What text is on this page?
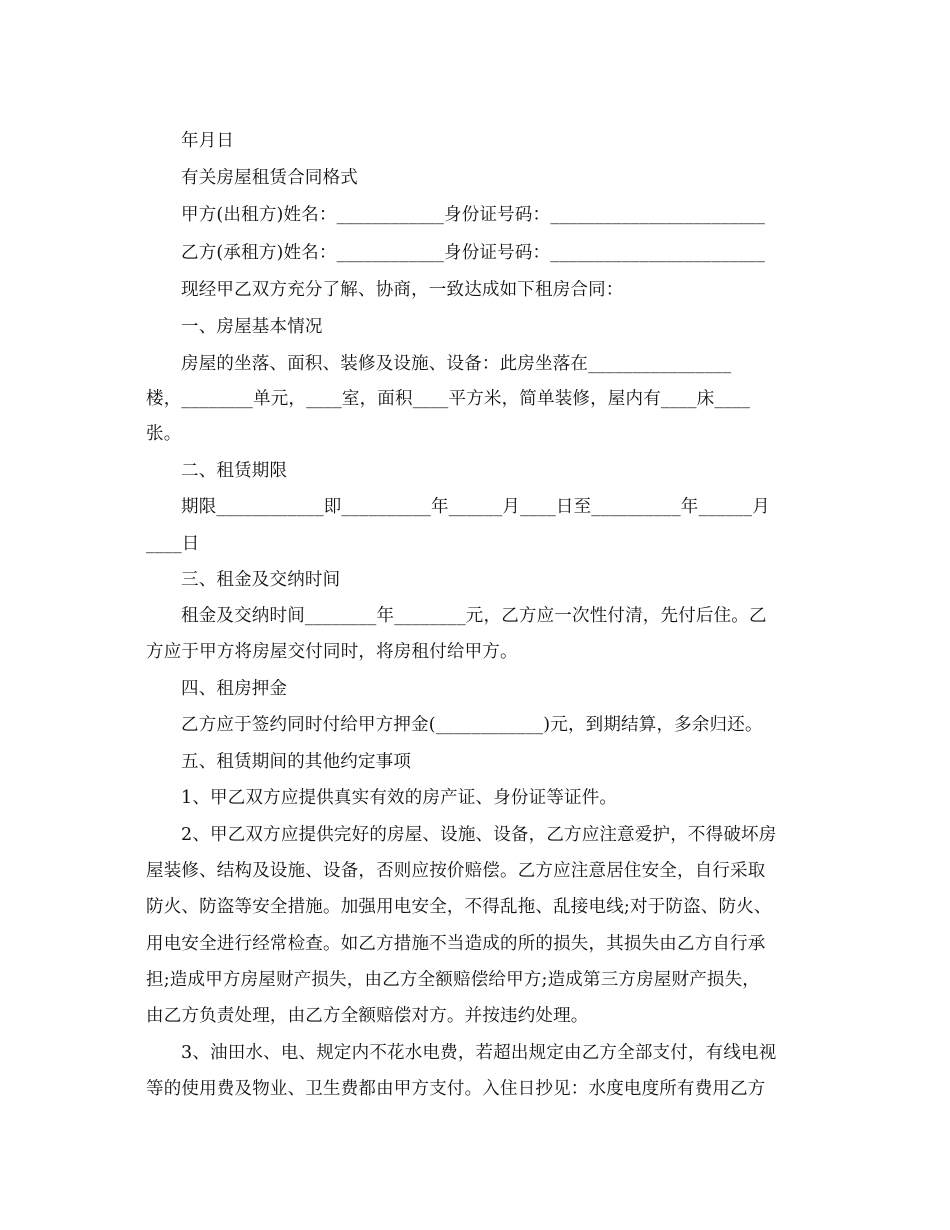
年月日
有关房屋租赁合同格式
甲方(出租方)姓名：____________身份证号码：________________________
乙方(承租方)姓名：____________身份证号码：________________________
现经甲乙双方充分了解、协商，一致达成如下租房合同：
一、房屋基本情况
房屋的坐落、面积、装修及设施、设备：此房坐落在________________
楼，________单元，____室，面积____平方米，简单装修，屋内有____床____
张。
二、租赁期限
期限____________即__________年______月____日至__________年______月
____日
三、租金及交纳时间
租金及交纳时间________年________元，乙方应一次性付清，先付后住。乙
方应于甲方将房屋交付同时，将房租付给甲方。
四、租房押金
乙方应于签约同时付给甲方押金(____________)元，到期结算，多余归还。
五、租赁期间的其他约定事项
1、甲乙双方应提供真实有效的房产证、身份证等证件。
2、甲乙双方应提供完好的房屋、设施、设备，乙方应注意爱护，不得破坏房
屋装修、结构及设施、设备，否则应按价赔偿。乙方应注意居住安全，自行采取
防火、防盗等安全措施。加强用电安全，不得乱拖、乱接电线;对于防盗、防火、
用电安全进行经常检查。如乙方措施不当造成的所的损失，其损失由乙方自行承
担;造成甲方房屋财产损失，由乙方全额赔偿给甲方;造成第三方房屋财产损失，
由乙方负责处理，由乙方全额赔偿对方。并按违约处理。
3、油田水、电、规定内不花水电费，若超出规定由乙方全部支付，有线电视
等的使用费及物业、卫生费都由甲方支付。入住日抄见：水度电度所有费用乙方
